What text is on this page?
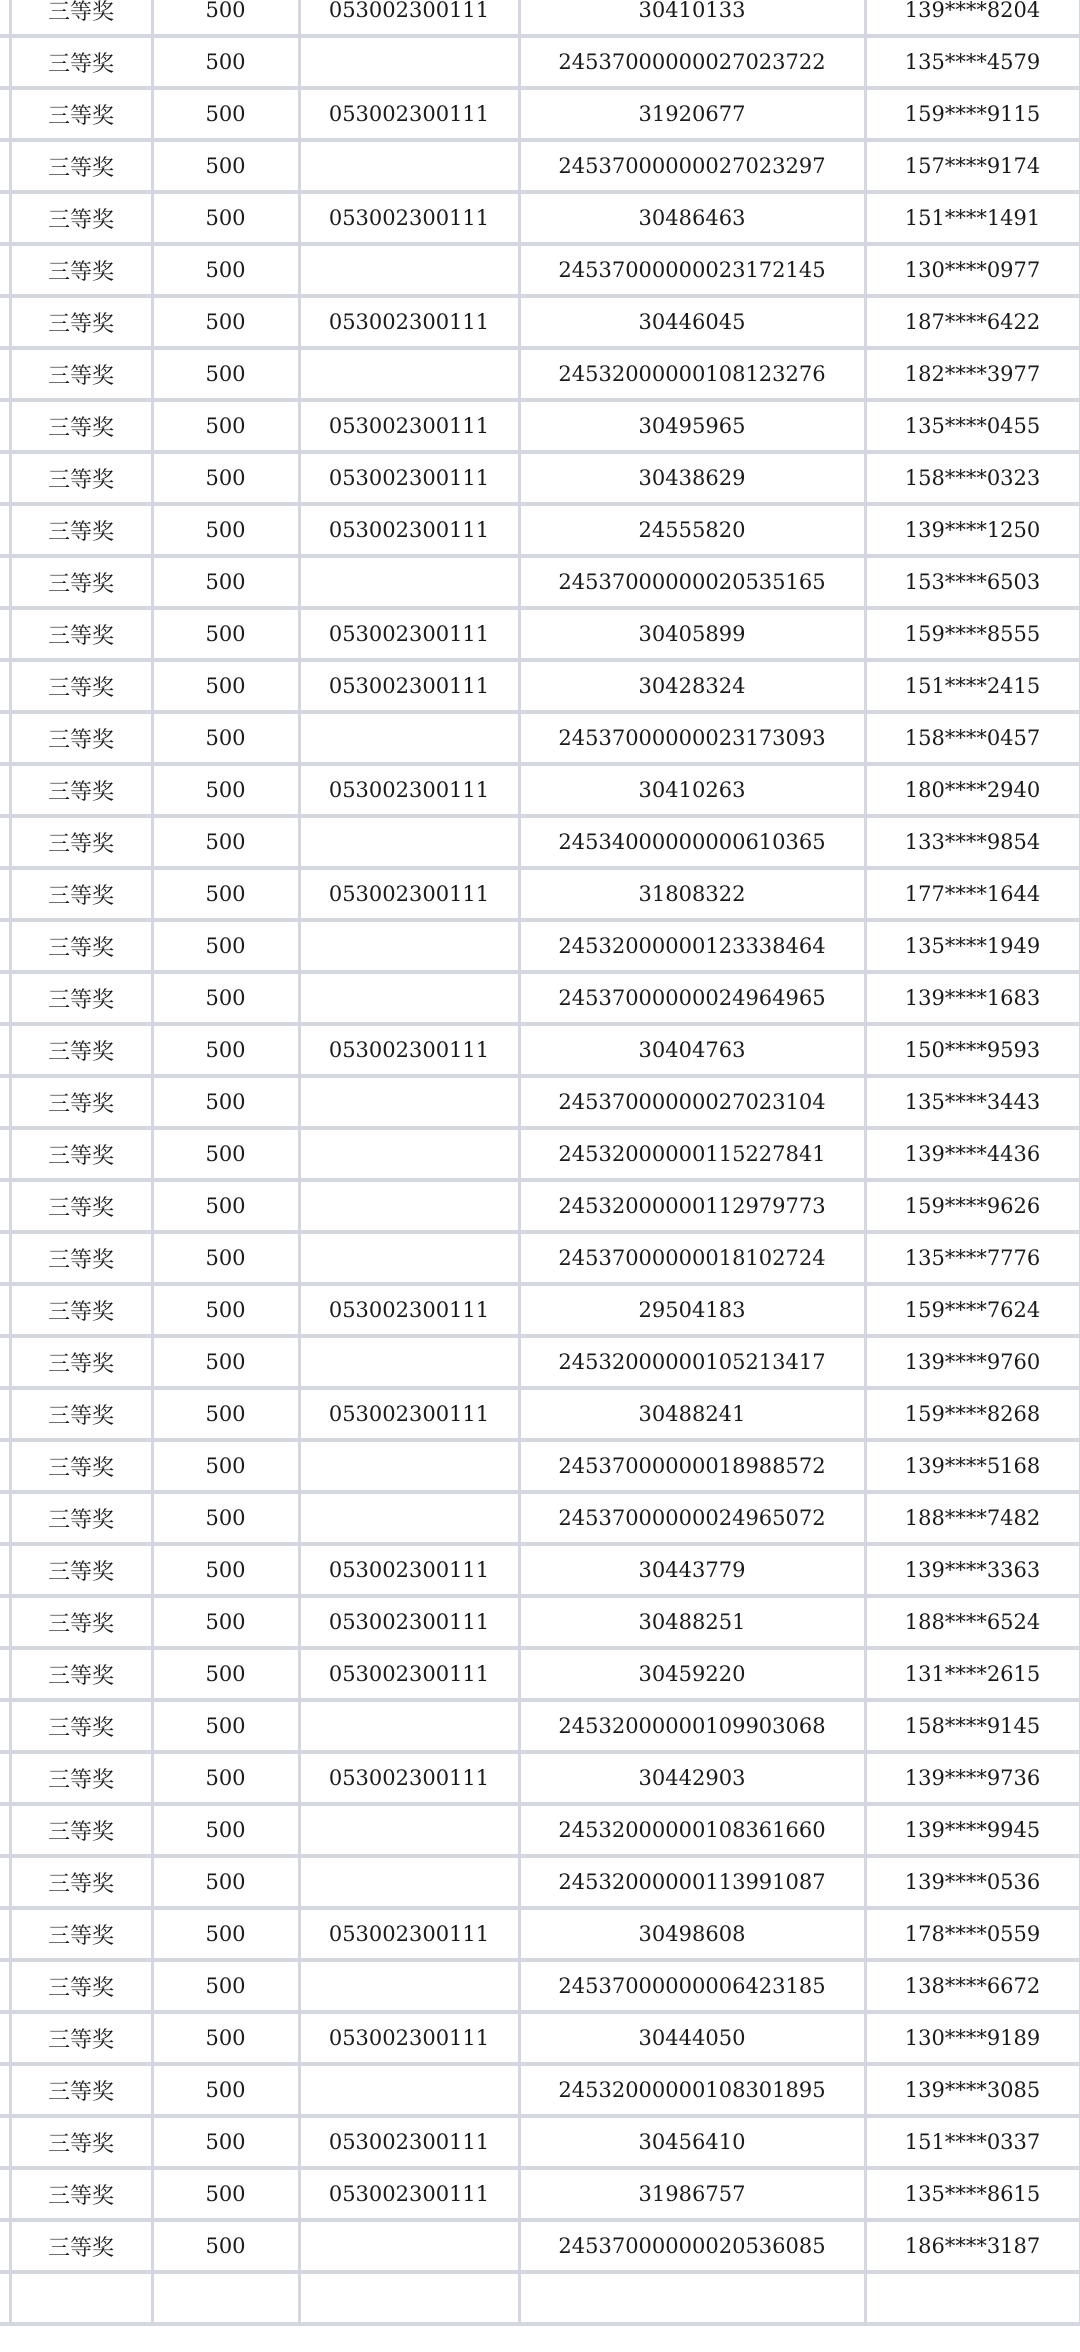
	三等奖	500	053002300111	30410133	139****8204
	三等奖	500		24537000000027023722	135****4579
	三等奖	500	053002300111	31920677	159****9115
	三等奖	500		24537000000027023297	157****9174
	三等奖	500	053002300111	30486463	151****1491
	三等奖	500		24537000000023172145	130****0977
	三等奖	500	053002300111	30446045	187****6422
	三等奖	500		24532000000108123276	182****3977
	三等奖	500	053002300111	30495965	135****0455
	三等奖	500	053002300111	30438629	158****0323
	三等奖	500	053002300111	24555820	139****1250
	三等奖	500		24537000000020535165	153****6503
	三等奖	500	053002300111	30405899	159****8555
	三等奖	500	053002300111	30428324	151****2415
	三等奖	500		24537000000023173093	158****0457
	三等奖	500	053002300111	30410263	180****2940
	三等奖	500		24534000000000610365	133****9854
	三等奖	500	053002300111	31808322	177****1644
	三等奖	500		24532000000123338464	135****1949
	三等奖	500		24537000000024964965	139****1683
	三等奖	500	053002300111	30404763	150****9593
	三等奖	500		24537000000027023104	135****3443
	三等奖	500		24532000000115227841	139****4436
	三等奖	500		24532000000112979773	159****9626
	三等奖	500		24537000000018102724	135****7776
	三等奖	500	053002300111	29504183	159****7624
	三等奖	500		24532000000105213417	139****9760
	三等奖	500	053002300111	30488241	159****8268
	三等奖	500		24537000000018988572	139****5168
	三等奖	500		24537000000024965072	188****7482
	三等奖	500	053002300111	30443779	139****3363
	三等奖	500	053002300111	30488251	188****6524
	三等奖	500	053002300111	30459220	131****2615
	三等奖	500		24532000000109903068	158****9145
	三等奖	500	053002300111	30442903	139****9736
	三等奖	500		24532000000108361660	139****9945
	三等奖	500		24532000000113991087	139****0536
	三等奖	500	053002300111	30498608	178****0559
	三等奖	500		24537000000006423185	138****6672
	三等奖	500	053002300111	30444050	130****9189
	三等奖	500		24532000000108301895	139****3085
	三等奖	500	053002300111	30456410	151****0337
	三等奖	500	053002300111	31986757	135****8615
	三等奖	500		24537000000020536085	186****3187
